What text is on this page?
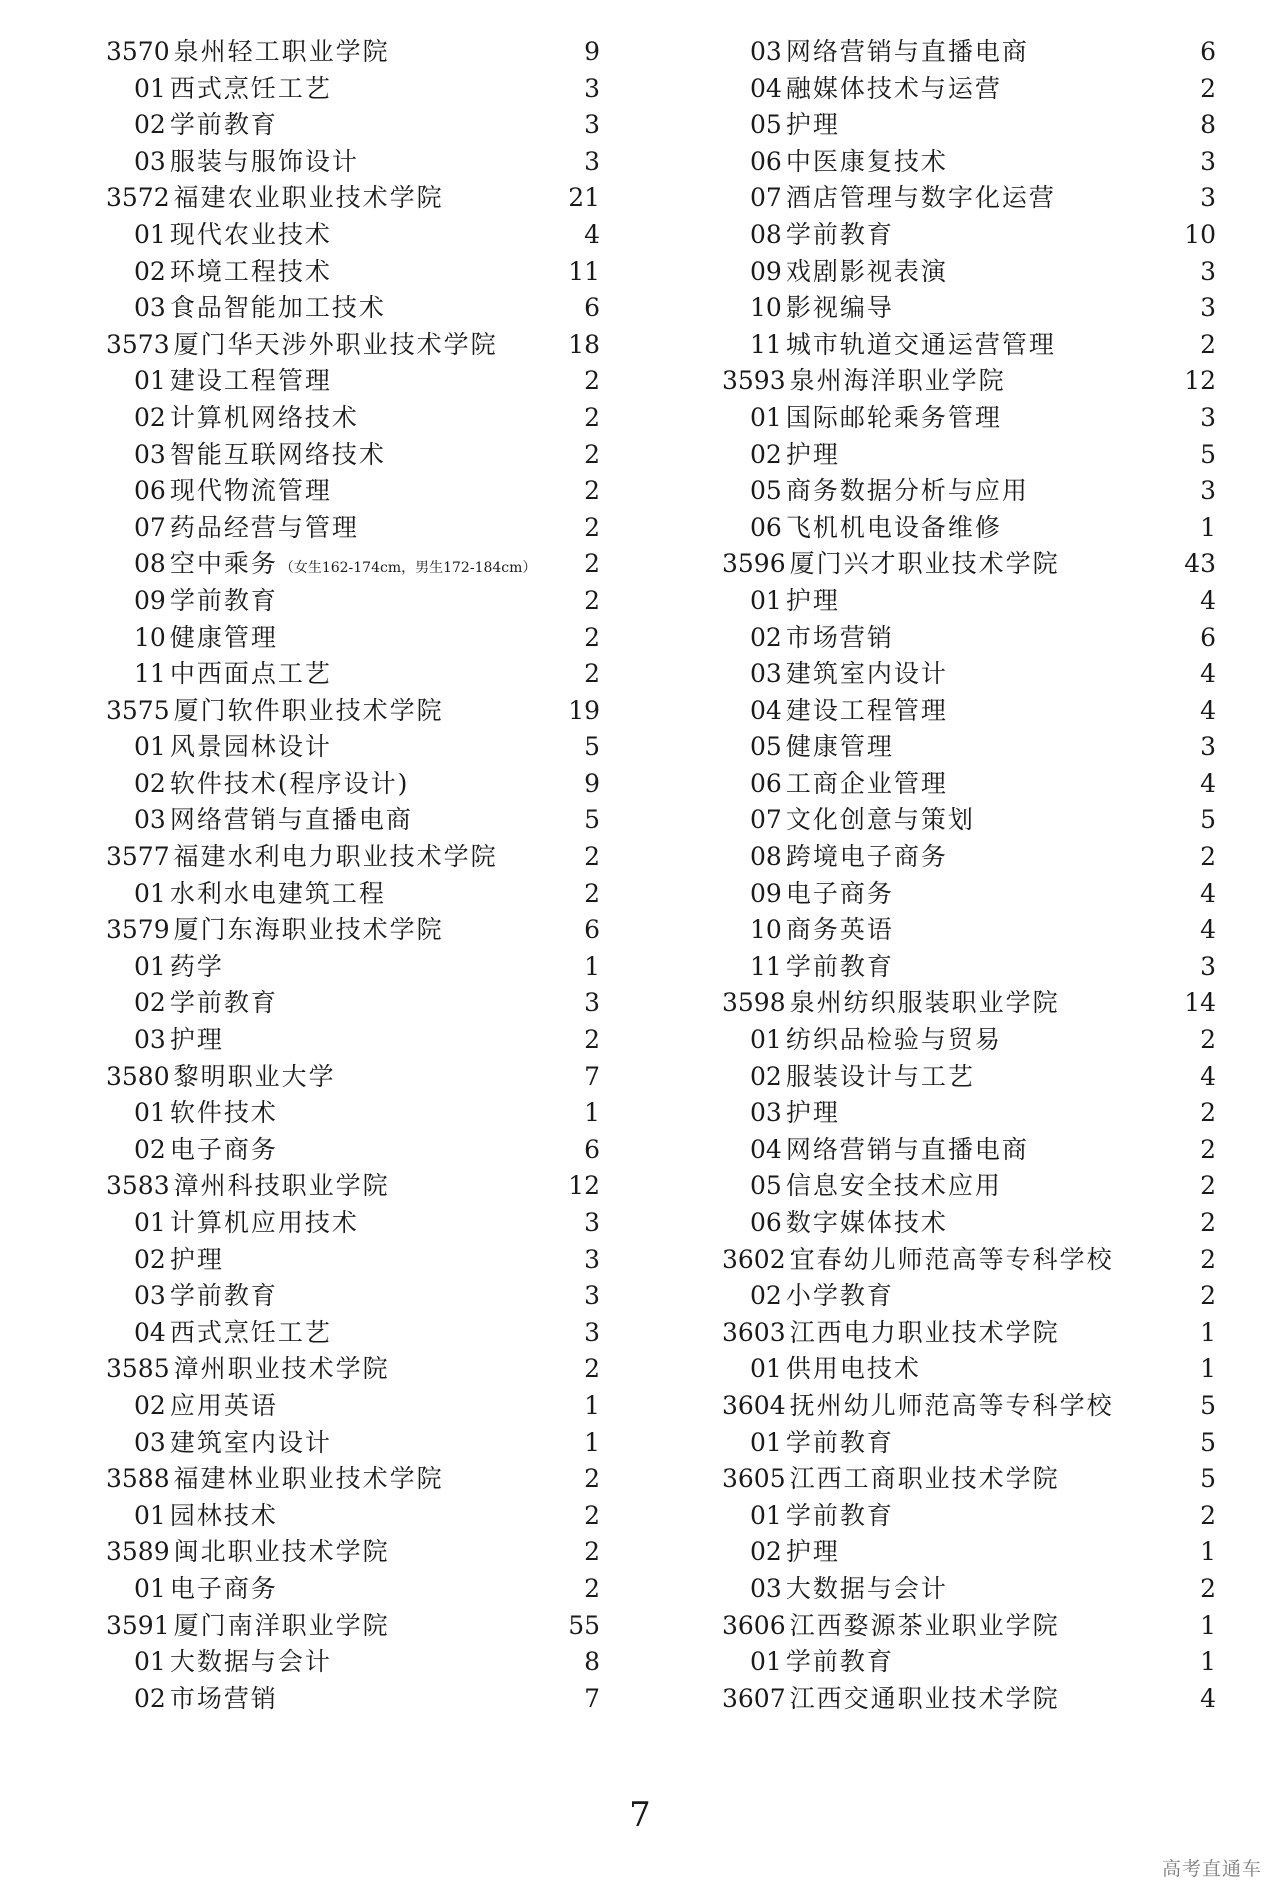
3570 泉州轻工职业学院	9
01 西式烹饪工艺	3
02 学前教育	3
03 服装与服饰设计	3
3572 福建农业职业技术学院	21
01 现代农业技术	4
02 环境工程技术	11
03 食品智能加工技术	6
3573 厦门华天涉外职业技术学院	18
01 建设工程管理	2
02 计算机网络技术	2
03 智能互联网络技术	2
06 现代物流管理	2
07 药品经营与管理	2
08 空中乘务 （女生162-174cm，男生172-184cm） 2
09 学前教育	2
10 健康管理	2
11 中西面点工艺	2
3575 厦门软件职业技术学院	19
01 风景园林设计	5
02 软件技术(程序设计)	9
03 网络营销与直播电商	5
3577 福建水利电力职业技术学院	2
01 水利水电建筑工程	2
3579 厦门东海职业技术学院	6
01 药学	1
02 学前教育	3
03 护理	2
3580 黎明职业大学	7
01 软件技术	1
02 电子商务	6
3583 漳州科技职业学院	12
01 计算机应用技术	3
02 护理	3
03 学前教育	3
04 西式烹饪工艺	3
3585 漳州职业技术学院	2
02 应用英语	1
03 建筑室内设计	1
3588 福建林业职业技术学院	2
01 园林技术	2
3589 闽北职业技术学院	2
01 电子商务	2
3591 厦门南洋职业学院	55
01 大数据与会计	8
02 市场营销	7
03 网络营销与直播电商	6
04 融媒体技术与运营	2
05 护理	8
06 中医康复技术	3
07 酒店管理与数字化运营	3
08 学前教育	10
09 戏剧影视表演	3
10 影视编导	3
11 城市轨道交通运营管理	2
3593 泉州海洋职业学院	12
01 国际邮轮乘务管理	3
02 护理	5
05 商务数据分析与应用	3
06 飞机机电设备维修	1
3596 厦门兴才职业技术学院	43
01 护理	4
02 市场营销	6
03 建筑室内设计	4
04 建设工程管理	4
05 健康管理	3
06 工商企业管理	4
07 文化创意与策划	5
08 跨境电子商务	2
09 电子商务	4
10 商务英语	4
11 学前教育	3
3598 泉州纺织服装职业学院	14
01 纺织品检验与贸易	2
02 服装设计与工艺	4
03 护理	2
04 网络营销与直播电商	2
05 信息安全技术应用	2
06 数字媒体技术	2
3602 宜春幼儿师范高等专科学校	2
02 小学教育	2
3603 江西电力职业技术学院	1
01 供用电技术	1
3604 抚州幼儿师范高等专科学校	5
01 学前教育	5
3605 江西工商职业技术学院	5
01 学前教育	2
02 护理	1
03 大数据与会计	2
3606 江西婺源茶业职业学院	1
01 学前教育	1
3607 江西交通职业技术学院	4
7
高考直通车
